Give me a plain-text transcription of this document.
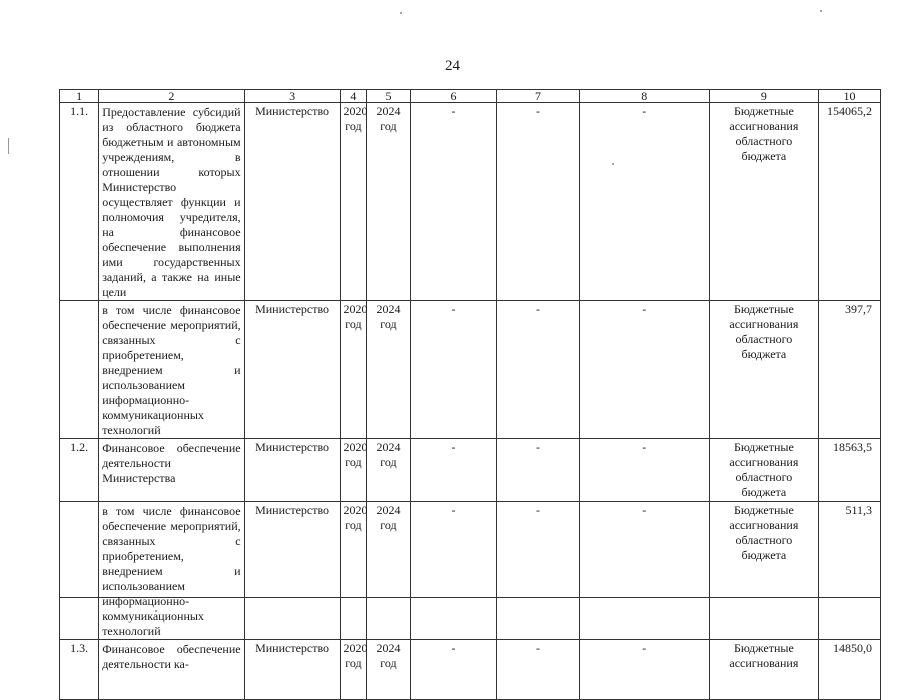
24
1	2	3	4	5	6	7	8	9	10
1.1.	Предоставление субсидий из областного бюджета бюджетным и автономным учреждениям, в отношении которых Министерство осуществляет функции и полномочия учредителя, на финансовое обеспечение выполнения ими государственных заданий, а также на иные цели	Министерство	2020 год	2024 год	-	-	-	Бюджетные ассигнования областного бюджета	154065,2
	в том числе финансовое обеспечение мероприятий, связанных с приобретением, внедрением и использованием информационно-коммуникационных технологий	Министерство	2020 год	2024 год	-	-	-	Бюджетные ассигнования областного бюджета	397,7
1.2.	Финансовое обеспечение деятельности Министерства	Министерство	2020 год	2024 год	-	-	-	Бюджетные ассигнования областного бюджета	18563,5
	в том числе финансовое обеспечение мероприятий, связанных с приобретением, внедрением и использованием информационно-коммуникационных технологий	Министерство	2020 год	2024 год	-	-	-	Бюджетные ассигнования областного бюджета	511,3
1.3.	Финансовое обеспечение деятельности ка-	Министерство	2020 год	2024 год	-	-	-	Бюджетные ассигнования	14850,0
